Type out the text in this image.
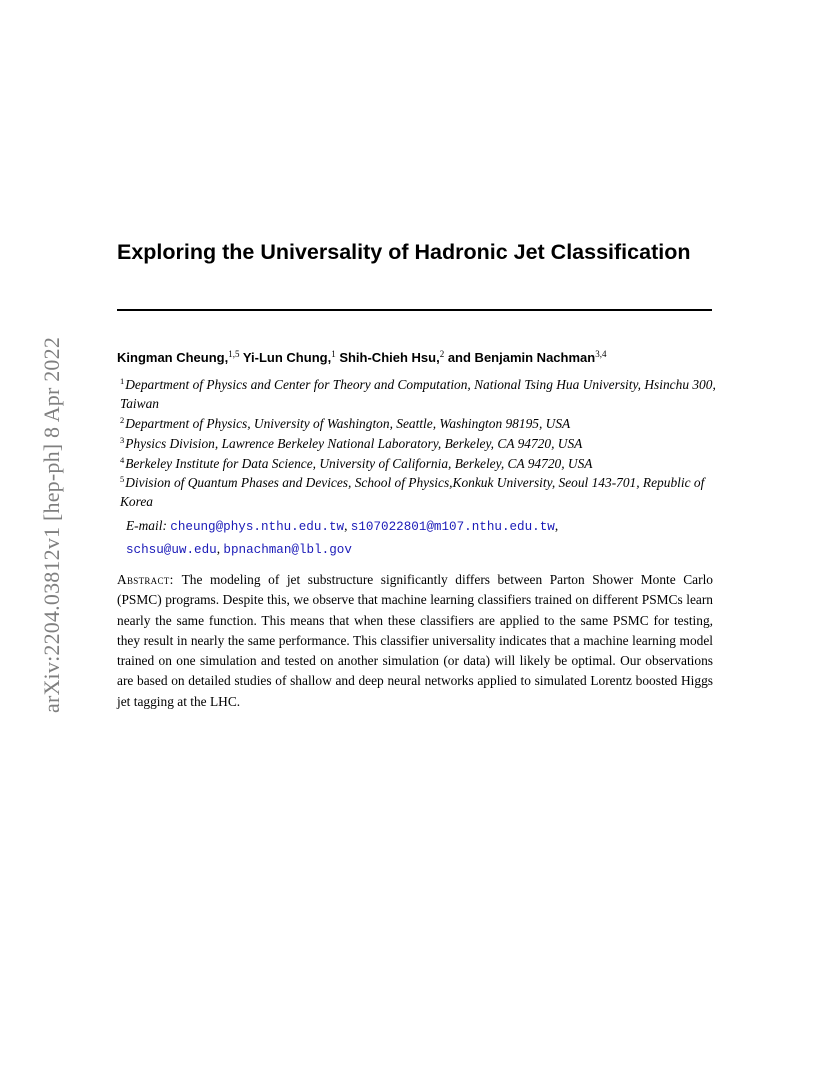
arXiv:2204.03812v1 [hep-ph] 8 Apr 2022
Exploring the Universality of Hadronic Jet Classification
Kingman Cheung,$^{1,5}$ Yi-Lun Chung,$^1$ Shih-Chieh Hsu,$^2$ and Benjamin Nachman$^{3,4}$
$^1$Department of Physics and Center for Theory and Computation, National Tsing Hua University, Hsinchu 300, Taiwan
$^2$Department of Physics, University of Washington, Seattle, Washington 98195, USA
$^3$Physics Division, Lawrence Berkeley National Laboratory, Berkeley, CA 94720, USA
$^4$Berkeley Institute for Data Science, University of California, Berkeley, CA 94720, USA
$^5$Division of Quantum Phases and Devices, School of Physics,Konkuk University, Seoul 143-701, Republic of Korea
E-mail: cheung@phys.nthu.edu.tw, s107022801@m107.nthu.edu.tw,
schsu@uw.edu, bpnachman@lbl.gov
Abstract: The modeling of jet substructure significantly differs between Parton Shower Monte Carlo (PSMC) programs. Despite this, we observe that machine learning classifiers trained on different PSMCs learn nearly the same function. This means that when these classifiers are applied to the same PSMC for testing, they result in nearly the same performance. This classifier universality indicates that a machine learning model trained on one simulation and tested on another simulation (or data) will likely be optimal. Our observations are based on detailed studies of shallow and deep neural networks applied to simulated Lorentz boosted Higgs jet tagging at the LHC.
